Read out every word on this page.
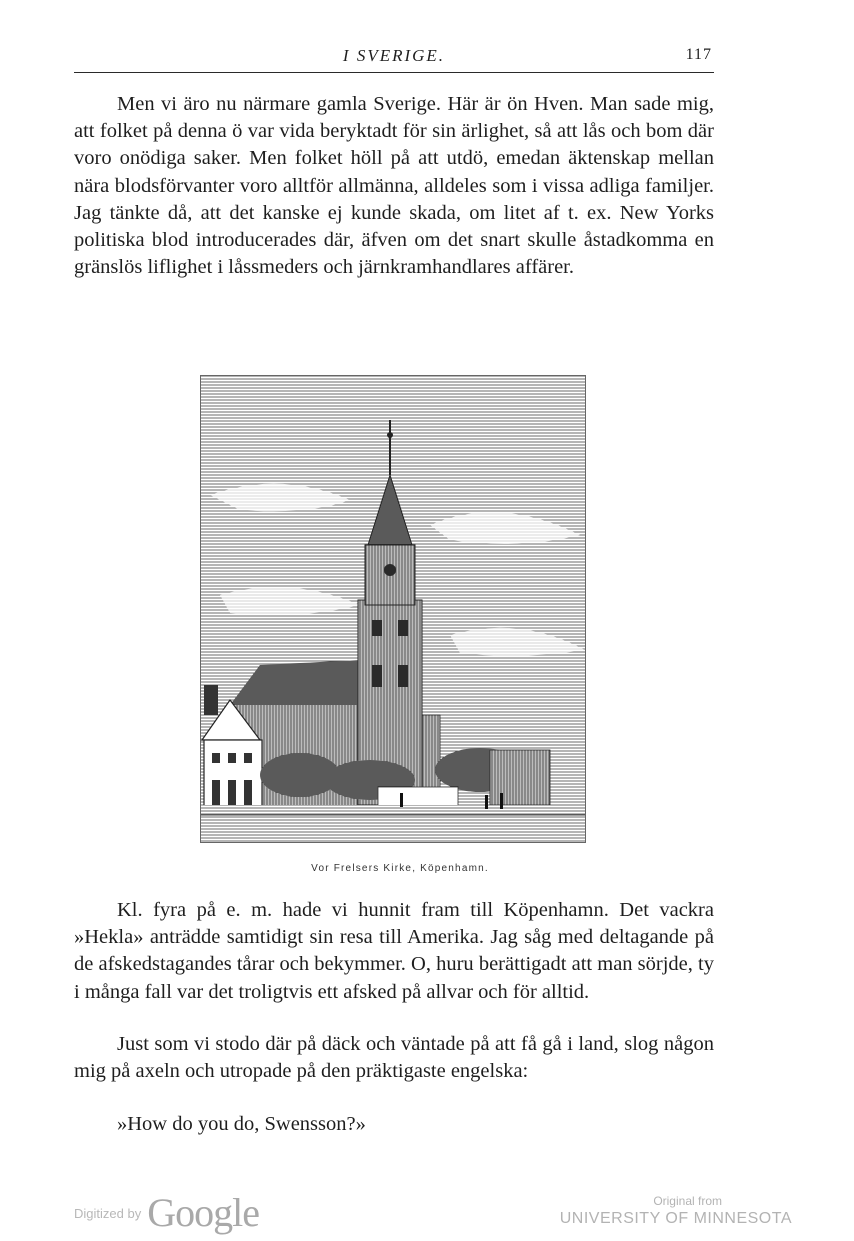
I SVERIGE.	117

Men vi äro nu närmare gamla Sverige. Här är ön Hven. Man sade mig, att folket på denna ö var vida beryktadt för sin ärlighet, så att lås och bom där voro onödiga saker. Men folket höll på att utdö, emedan äktenskap mellan nära blodsförvanter voro alltför allmänna, alldeles som i vissa adliga familjer. Jag tänkte då, att det kanske ej kunde skada, om litet af t. ex. New Yorks politiska blod introducerades där, äfven om det snart skulle åstadkomma en gränslös liflighet i låssmeders och järnkramhandlares affärer.

Vor Frelsers Kirke, Köpenhamn.

Kl. fyra på e. m. hade vi hunnit fram till Köpenhamn. Det vackra »Hekla» anträdde samtidigt sin resa till Amerika. Jag såg med deltagande på de afskedstagandes tårar och bekymmer. O, huru berättigadt att man sörjde, ty i många fall var det troligtvis ett afsked på allvar och för alltid.

Just som vi stodo där på däck och väntade på att få gå i land, slog någon mig på axeln och utropade på den präktigaste engelska:

»How do you do, Swensson?»

$^{Digitized by}$ Google	Original from
UNIVERSITY OF MINNESOTA
